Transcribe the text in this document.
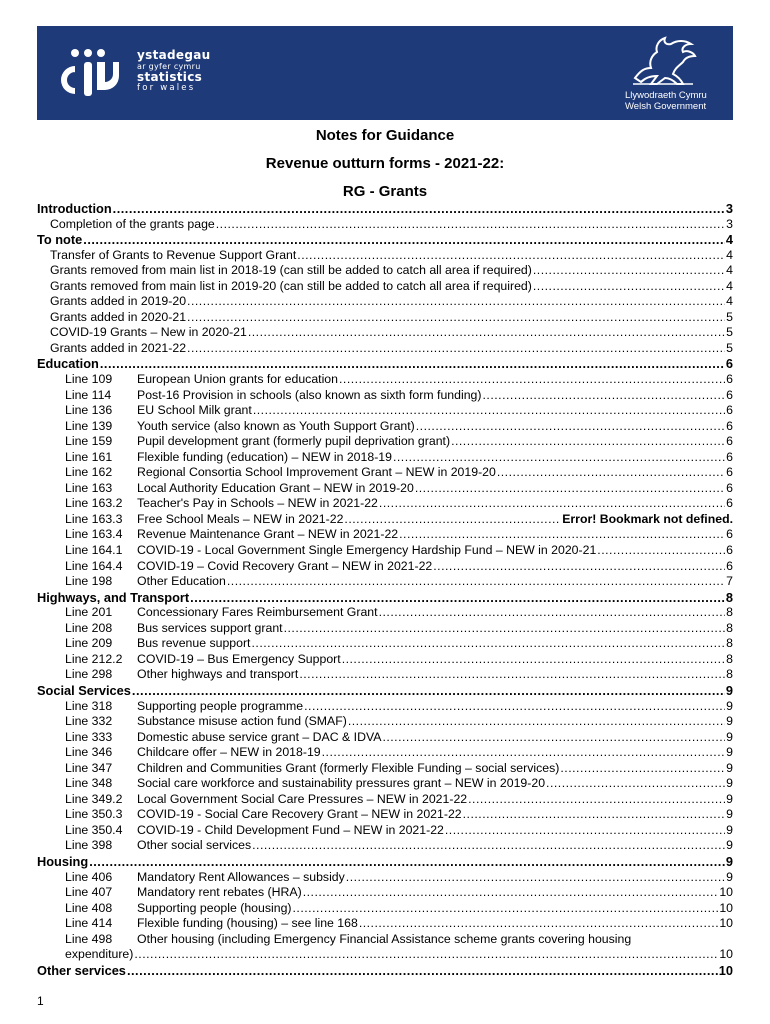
ystadegau
ar gyfer cymru
statistics
for wales
Llywodraeth Cymru
Welsh Government
Notes for Guidance
Revenue outturn forms - 2021-22:
RG - Grants
Introduction .....	3
Completion of the grants page .....	3
To note .....	4
Transfer of Grants to Revenue Support Grant .....	4
Grants removed from main list in 2018-19 (can still be added to catch all area if required) .....	4
Grants removed from main list in 2019-20 (can still be added to catch all area if required) .....	4
Grants added in 2019-20 .....	4
Grants added in 2020-21 .....	5
COVID-19 Grants – New in 2020-21 .....	5
Grants added in 2021-22 .....	5
Education .....	6
Line 109	European Union grants for education .....	6
Line 114	Post-16 Provision in schools (also known as sixth form funding) .....	6
Line 136	EU School Milk grant .....	6
Line 139	Youth service (also known as Youth Support Grant) .....	6
Line 159	Pupil development grant (formerly pupil deprivation grant) .....	6
Line 161	Flexible funding (education) – NEW in 2018-19 .....	6
Line 162	Regional Consortia School Improvement Grant – NEW in 2019-20 .....	6
Line 163	Local Authority Education Grant – NEW in 2019-20 .....	6
Line 163.2	Teacher's Pay in Schools – NEW in 2021-22 .....	6
Line 163.3	Free School Meals – NEW in 2021-22 .....	Error! Bookmark not defined.
Line 163.4	Revenue Maintenance Grant – NEW in 2021-22 .....	6
Line 164.1	COVID-19 - Local Government Single Emergency Hardship Fund – NEW in 2020-21 .....	6
Line 164.4	COVID-19 – Covid Recovery Grant – NEW in 2021-22 .....	6
Line 198	Other Education .....	7
Highways, and Transport .....	8
Line 201	Concessionary Fares Reimbursement Grant .....	8
Line 208	Bus services support grant .....	8
Line 209	Bus revenue support .....	8
Line 212.2	COVID-19 – Bus Emergency Support .....	8
Line 298	Other highways and transport .....	8
Social Services .....	9
Line 318	Supporting people programme .....	9
Line 332	Substance misuse action fund (SMAF) .....	9
Line 333	Domestic abuse service grant – DAC & IDVA .....	9
Line 346	Childcare offer – NEW in 2018-19 .....	9
Line 347	Children and Communities Grant (formerly Flexible Funding – social services) .....	9
Line 348	Social care workforce and sustainability pressures grant – NEW in 2019-20 .....	9
Line 349.2	Local Government Social Care Pressures – NEW in 2021-22 .....	9
Line 350.3	COVID-19 - Social Care Recovery Grant – NEW in 2021-22 .....	9
Line 350.4	COVID-19 - Child Development Fund – NEW in 2021-22 .....	9
Line 398	Other social services .....	9
Housing .....	9
Line 406	Mandatory Rent Allowances – subsidy .....	9
Line 407	Mandatory rent rebates (HRA) .....	10
Line 408	Supporting people (housing) .....	10
Line 414	Flexible funding (housing) – see line 168 .....	10
Line 498	Other housing (including Emergency Financial Assistance scheme grants covering housing
expenditure) .....	10
Other services .....	10
1
